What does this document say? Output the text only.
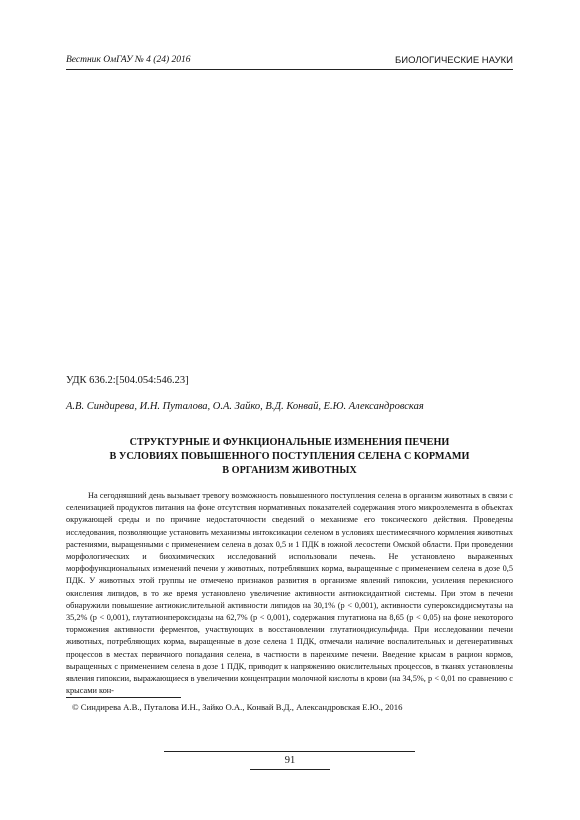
Вестник ОмГАУ № 4 (24) 2016	БИОЛОГИЧЕСКИЕ НАУКИ
УДК 636.2:[504.054:546.23]
А.В. Синдирева, И.Н. Путалова, О.А. Зайко, В.Д. Конвай, Е.Ю. Александровская
СТРУКТУРНЫЕ И ФУНКЦИОНАЛЬНЫЕ ИЗМЕНЕНИЯ ПЕЧЕНИ
В УСЛОВИЯХ ПОВЫШЕННОГО ПОСТУПЛЕНИЯ СЕЛЕНА С КОРМАМИ
В ОРГАНИЗМ ЖИВОТНЫХ

На сегодняшний день вызывает тревогу возможность повышенного поступления селена в организм животных в связи с селенизацией продуктов питания на фоне отсутствия нормативных показателей содержания этого микроэлемента в объектах окружающей среды и по причине недостаточности сведений о механизме его токсического действия. Проведены исследования, позволяющие установить механизмы интоксикации селеном в условиях шестимесячного кормления животных растениями, выращенными с применением селена в дозах 0,5 и 1 ПДК в южной лесостепи Омской области. При проведении морфологических и биохимических исследований использовали печень. Не установлено выраженных морфофункциональных изменений печени у животных, потреблявших корма, выращенные с применением селена в дозе 0,5 ПДК. У животных этой группы не отмечено признаков развития в организме явлений гипоксии, усиления перекисного окисления липидов, в то же время установлено увеличение активности антиоксидантной системы. При этом в печени обнаружили повышение антиокислительной активности липидов на 30,1% (р < 0,001), активности супероксиддисмутазы на 35,2% (р < 0,001), глутатионпероксидазы на 62,7% (р < 0,001), содержания глутатиона на 8,65 (р < 0,05) на фоне некоторого торможения активности ферментов, участвующих в восстановлении глутатиондисульфида. При исследовании печени животных, потребляющих корма, выращенные в дозе селена 1 ПДК, отмечали наличие воспалительных и дегенеративных процессов в местах первичного попадания селена, в частности в паренхиме печени. Введение крысам в рацион кормов, выращенных с применением селена в дозе 1 ПДК, приводит к напряжению окислительных процессов, в тканях установлены явления гипоксии, выражающиеся в увеличении концентрации молочной кислоты в крови (на 34,5%, р < 0,01 по сравнению с крысами кон-

© Синдирева А.В., Путалова И.Н., Зайко О.А., Конвай В.Д., Александровская Е.Ю., 2016
91
